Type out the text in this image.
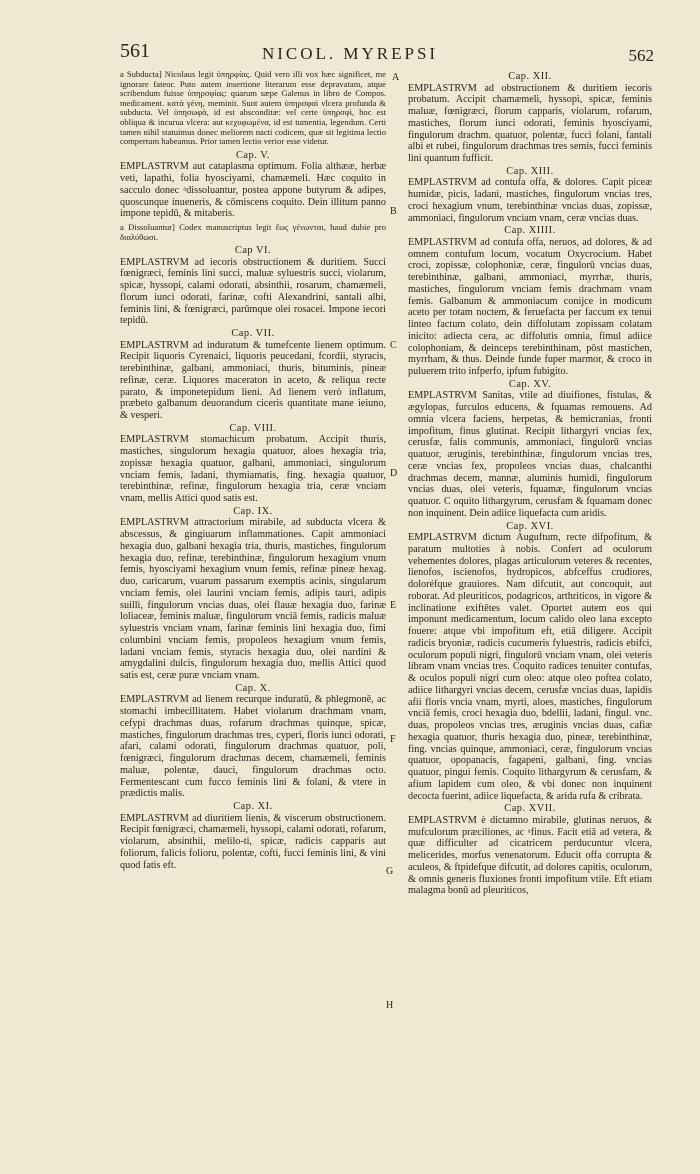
561	NICOL. MYREPSI	562
A
B
C
D
E
F
G
H

a Subducta] Nicolaus legit ὑπηρφίας. Quid vero illi vox hæc significet, me ignorare fateor. Puto autem insertione literarum esse depravatam, atque scribendum fuisse ὑπηρσφίας: quarum sæpe Galenus in libro de Compos. medicament. κατὰ γένη, meminit. Sunt autem ὑπηρσφαὶ vlcera profunda & subducta. Vel ὑπησωφὰ, id est absconditæ: vel certe ὑπηρσφὶ, hoc est obliqua & incurua vlcera: aut κεχυφωμένα, id est tumentia, legendum. Certi tamen nihil statuimus donec meliorem nacti codicem, quæ sit legitima lectio compertum habeamus. Prior tamen lectio verior esse videtur.

Cap. V.

EMPLASTRVM aut cataplasma optimum. Folia althææ, herbæ veti, lapathi, folia hyosciyami, chamæmeli. Hæc coquito in sacculo donec ᵃdissoluantur, postea appone butyrum & adipes, quoscunque inueneris, & cōmiscens coquito. Dein illitum panno impone tepidū, & mitaberis.

a Dissoluantur] Codex manuscriptus legit ἕως γένωνται, haud dubie pro διαλύθωσι.

Cap VI.

EMPLASTRVM ad iecoris obstructionem & duritiem. Succi fœnigræci, feminis lini succi, maluæ syluestris succi, violarum, spicæ, hyssopi, calami odorati, absinthii, rosarum, chamæmeli, florum iunci odorati, farinæ, cofti Alexandrini, santali albi, feminis lini, & fœnigræci, parūmque olei rosacei. Impone iecori tepidū.

Cap. VII.

EMPLASTRVM ad induratum & tumefcente lienem optimum. Recipit liquoris Cyrenaici, liquoris peucedani, fcordii, styracis, terebinthinæ, galbani, ammoniaci, thuris, bituminis, pineæ refinæ, ceræ. Liquores maceraton in aceto, & reliqua recte parato, & imponetepidum lieni. Ad lienem verò inflatum, præbeto galbanum deuorandum ciceris quantitate mane ieiuno, & vesperi.

Cap. VIII.

EMPLASTRVM stomachicum probatum. Accipit thuris, mastiches, singulorum hexagia quatuor, aloes hexagia tria, zopissæ hexagia quatuor, galbani, ammoniaci, singulorum vnciam femis, ladani, thymiamatis, fing. hexagia quatuor, terebinthinæ, refinæ, fingulorum hexagia tria, ceræ vnciam vnam, mellis Attici quod satis est.

Cap. IX.

EMPLASTRVM attractorium mirabile, ad subducta vlcera & abscessus, & gingiuarum inflammationes. Capit ammoniaci hexagia duo, galbani hexagia tria, thuris, mastiches, fingulorum hexagia duo, refinæ, terebinthinæ, fingulorum hexagium vnum femis, hyosciyami hexagium vnum femis, refinæ pineæ hexag. duo, caricarum, vuarum passarum exemptis acinis, singularum vnciam femis, olei laurini vnciam femis, adipis tauri, adipis suilli, fingulorum vncias duas, olei flauæ hexagia duo, farinæ loliaceæ, feminis maluæ, fingulorum vnciā femis, radicis maluæ syluestris vnciam vnam, farinæ feminis lini hexagia duo, fimi columbini vnciam femis, propoleos hexagium vnum femis, ladani vnciam femis, styracis hexagia duo, olei nardini & amygdalini dulcis, fingulorum hexagia duo, mellis Attici quod satis est, ceræ puræ vnciam vnam.

Cap. X.

EMPLASTRVM ad lienem recurque induratū, & phlegmonē, ac stomachi imbecillitatem. Habet violarum drachmam vnam, cefypi drachmas duas, rofarum drachmas quinque, spicæ, mastiches, fingulorum drachmas tres, cyperi, floris iunci odorati, afari, calami odorati, fingulorum drachmas quatuor, poli, fœnigræci, fingulorum drachmas decem, chamæmeli, feminis maluæ, polentæ, dauci, fingulorum drachmas octo. Fermentescant cum fucco feminis lini & folani, & vtere in prædictis malis.

Cap. XI.

EMPLASTRVM ad diuritiem lienis, & viscerum obstructionem. Recipit fœnigræci, chamæmeli, hyssopi, calami odorati, rofarum, violarum, absinthii, melilo-ti, spicæ, radicis capparis aut foliorum, falicis folioru, polentæ, cofti, fucci feminis lini, & vini quod fatis eft.

Cap. XII.

EMPLASTRVM ad obstructionem & duritiem iecoris probatum. Accipit chamæmeli, hyssopi, spicæ, feminis maluæ, fœnigræci, florum capparis, violarum, rofarum, mastiches, florum iunci odorati, feminis hyosciyami, fingulorum drachm. quatuor, polentæ, fucci folani, fantali albi et rubei, fingulorum drachmas tres semis, fucci feminis lini quantum fufficit.

Cap. XIII.

EMPLASTRVM ad contufa offa, & dolores. Capit piceæ humidæ, picis, ladani, mastiches, fingulorum vncias tres, croci hexagium vnum, terebinthinæ vncias duas, zopissæ, ammoniaci, fingulorum vnciam vnam, ceræ vncias duas.

Cap. XIIII.

EMPLASTRVM ad contufa offa, neruos, ad dolores, & ad omnem contufum locum, vocatum Oxycrocium. Habet croci, zopissæ, colophoniæ, ceræ, fingulorū vncias duas, terebinthinæ, galbani, ammoniaci, myrrhæ, thuris, mastiches, fingulorum vnciam femis drachmam vnam femis. Galbanum & ammoniacum conijce in modicum aceto per totam noctem, & feruefacta per faccum ex tenui linteo factum colato, dein diffolutam zopissam colatam inicito: adiecta cera, ac diffolutis omnia, fimul adiice colophoniam, & deinceps terebinthinam, pōst mastichen, myrrham, & thus. Deinde funde fuper marmor, & croco in puluerem trito infperfo, ipfum fubigito.

Cap. XV.

EMPLASTRVM Sanitas, vtile ad diuifiones, fistulas, & ægylopas, furculos educens, & fquamas remouens. Ad omnia vlcera faciens, herpetas, & hemicranias, fronti impofitum, finus glutinat. Recipit lithargyri vncias fex, cerusfæ, falis communis, ammoniaci, fingulorū vncias quatuor, æruginis, terebinthinæ, fingulorum vncias tres, ceræ vncias fex, propoleos vncias duas, chalcanthi drachmas decem, mannæ, aluminis humidi, fingulorum vncias duas, olei veteris, fquamæ, fingulorum vncias quatuor. C oquito lithargyrum, cerusfam & fquamam donec non inquinent. Dein adiice liquefacta cum aridis.

Cap. XVI.

EMPLASTRVM dictum Auguftum, recte difpofitum, & paratum multoties à nobis. Confert ad oculorum vehementes dolores, plagas articulorum veteres & recentes, lienofos, iscienofos, hydropicos, abfceffus crudiores, doloréfque grauiores. Nam difcutit, aut concoquit, aut roborat. Ad pleuriticos, podagricos, arthriticos, in vigore & inclinatione exiftētes valet. Oportet autem eos qui imponunt medicamentum, locum calido oleo lana excepto fouere: atque vbi impofitum eft, etiā diligere. Accipit radicis bryoniæ, radicis cucumeris fyluestris, radicis ebifci, oculorum populi nigri, fingulorū vnciam vnam, olei veteris libram vnam vncias tres. Coquito radices tenuiter contufas, & oculos populi nigri cum oleo: atque oleo poftea colato, adiice lithargyri vncias decem, cerusfæ vncias duas, lapidis afii floris vncia vnam, myrti, aloes, mastiches, fingulorum vnciā femis, croci hexagia duo, bdellii, ladani, fingul. vnc. duas, propoleos vncias tres, æruginis vncias duas, cafiæ hexagia quatuor, thuris hexagia duo, pineæ, terebinthinæ, fing. vncias quinque, ammoniaci, ceræ, fingulorum vncias quatuor, opopanacis, fagapeni, galbani, fing. vncias quatuor, pingui femis. Coquito lithargyrum & cerusfam, & afium lapidem cum oleo, & vbi donec non inquinent decocta fuerint, adiice liquefacta, & arida rufa & cribrata.

Cap. XVII.

EMPLASTRVM è dictamno mirabile, glutinas neruos, & mufculorum præciliones, ac ᵃfinus. Facit etiā ad vetera, & quæ difficulter ad cicatricem perducuntur vlcera, melicerides, morfus venenatorum. Educit offa corrupta & aculeos, & ftpidefque difcutit, ad dolores capitis, oculorum, & omnis generis fluxiones fronti impofitum vtile. Eft etiam malagma bonū ad pleuriticos,
